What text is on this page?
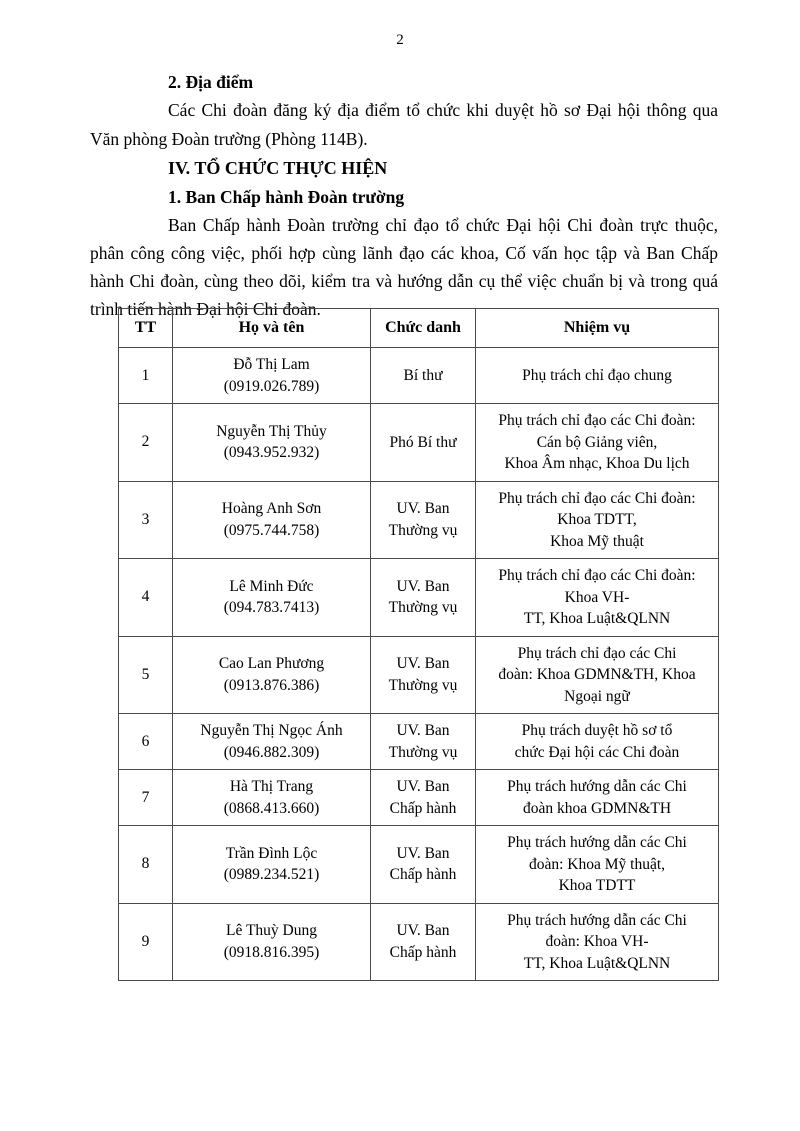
2

2. Địa điểm

Các Chi đoàn đăng ký địa điểm tổ chức khi duyệt hồ sơ Đại hội thông qua Văn phòng Đoàn trường (Phòng 114B).

IV. TỔ CHỨC THỰC HIỆN

1. Ban Chấp hành Đoàn trường

Ban Chấp hành Đoàn trường chỉ đạo tổ chức Đại hội Chi đoàn trực thuộc, phân công công việc, phối hợp cùng lãnh đạo các khoa, Cố vấn học tập và Ban Chấp hành Chi đoàn, cùng theo dõi, kiểm tra và hướng dẫn cụ thể việc chuẩn bị và trong quá trình tiến hành Đại hội Chi đoàn.

TT	Họ và tên	Chức danh	Nhiệm vụ
1	Đỗ Thị Lam
(0919.026.789)	Bí thư	Phụ trách chỉ đạo chung

2	Nguyễn Thị Thủy
(0943.952.932)	Phó Bí thư	Phụ trách chỉ đạo các Chi đoàn:
Cán bộ Giảng viên,
Khoa Âm nhạc, Khoa Du lịch

3	Hoàng Anh Sơn
(0975.744.758)	UV. Ban
Thường vụ	Phụ trách chỉ đạo các Chi đoàn:
Khoa TDTT,
Khoa Mỹ thuật

4	Lê Minh Đức
(094.783.7413)	UV. Ban
Thường vụ	Phụ trách chỉ đạo các Chi đoàn:
Khoa VH-
TT, Khoa Luật&QLNN

5	Cao Lan Phương
(0913.876.386)	UV. Ban
Thường vụ	Phụ trách chỉ đạo các Chi
đoàn: Khoa GDMN&TH, Khoa
Ngoại ngữ

6	Nguyễn Thị Ngọc Ánh
(0946.882.309)	UV. Ban
Thường vụ	Phụ trách duyệt hồ sơ tổ
chức Đại hội các Chi đoàn

7	Hà Thị Trang
(0868.413.660)	UV. Ban
Chấp hành	Phụ trách hướng dẫn các Chi
đoàn khoa GDMN&TH

8	Trần Đình Lộc
(0989.234.521)	UV. Ban
Chấp hành	Phụ trách hướng dẫn các Chi
đoàn: Khoa Mỹ thuật,
Khoa TDTT

9	Lê Thuỳ Dung
(0918.816.395)	UV. Ban
Chấp hành	Phụ trách hướng dẫn các Chi
đoàn: Khoa VH-
TT, Khoa Luật&QLNN
